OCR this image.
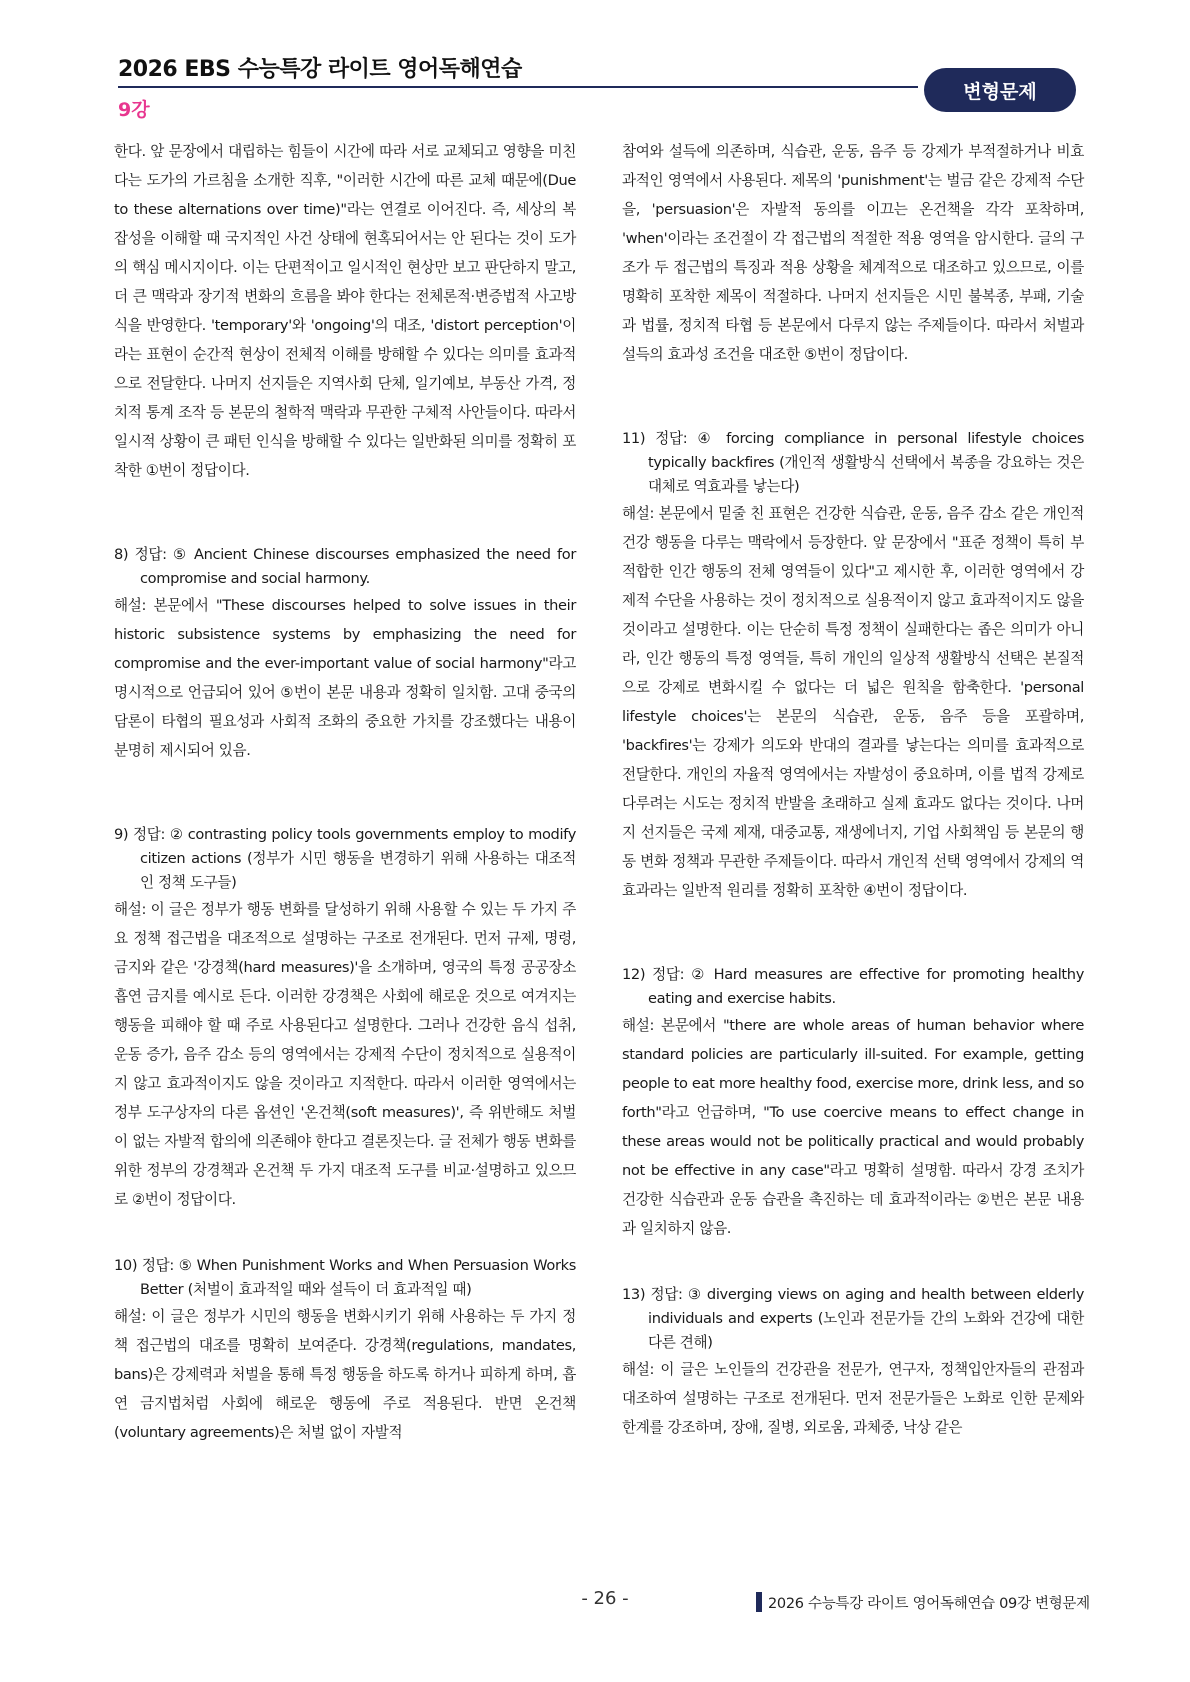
2026 EBS 수능특강 라이트 영어독해연습
9강
변형문제

한다. 앞 문장에서 대립하는 힘들이 시간에 따라 서로 교체되고 영향을 미친다는 도가의 가르침을 소개한 직후, "이러한 시간에 따른 교체 때문에(Due to these alternations over time)"라는 연결로 이어진다. 즉, 세상의 복잡성을 이해할 때 국지적인 사건 상태에 현혹되어서는 안 된다는 것이 도가의 핵심 메시지이다. 이는 단편적이고 일시적인 현상만 보고 판단하지 말고, 더 큰 맥락과 장기적 변화의 흐름을 봐야 한다는 전체론적·변증법적 사고방식을 반영한다. 'temporary'와 'ongoing'의 대조, 'distort perception'이라는 표현이 순간적 현상이 전체적 이해를 방해할 수 있다는 의미를 효과적으로 전달한다. 나머지 선지들은 지역사회 단체, 일기예보, 부동산 가격, 정치적 통계 조작 등 본문의 철학적 맥락과 무관한 구체적 사안들이다. 따라서 일시적 상황이 큰 패턴 인식을 방해할 수 있다는 일반화된 의미를 정확히 포착한 ①번이 정답이다.

8) 정답: ⑤ Ancient Chinese discourses emphasized the need for compromise and social harmony.

해설: 본문에서 "These discourses helped to solve issues in their historic subsistence systems by emphasizing the need for compromise and the ever-important value of social harmony"라고 명시적으로 언급되어 있어 ⑤번이 본문 내용과 정확히 일치함. 고대 중국의 담론이 타협의 필요성과 사회적 조화의 중요한 가치를 강조했다는 내용이 분명히 제시되어 있음.

9) 정답: ② contrasting policy tools governments employ to modify citizen actions (정부가 시민 행동을 변경하기 위해 사용하는 대조적인 정책 도구들)

해설: 이 글은 정부가 행동 변화를 달성하기 위해 사용할 수 있는 두 가지 주요 정책 접근법을 대조적으로 설명하는 구조로 전개된다. 먼저 규제, 명령, 금지와 같은 '강경책(hard measures)'을 소개하며, 영국의 특정 공공장소 흡연 금지를 예시로 든다. 이러한 강경책은 사회에 해로운 것으로 여겨지는 행동을 피해야 할 때 주로 사용된다고 설명한다. 그러나 건강한 음식 섭취, 운동 증가, 음주 감소 등의 영역에서는 강제적 수단이 정치적으로 실용적이지 않고 효과적이지도 않을 것이라고 지적한다. 따라서 이러한 영역에서는 정부 도구상자의 다른 옵션인 '온건책(soft measures)', 즉 위반해도 처벌이 없는 자발적 합의에 의존해야 한다고 결론짓는다. 글 전체가 행동 변화를 위한 정부의 강경책과 온건책 두 가지 대조적 도구를 비교·설명하고 있으므로 ②번이 정답이다.

10) 정답: ⑤ When Punishment Works and When Persuasion Works Better (처벌이 효과적일 때와 설득이 더 효과적일 때)

해설: 이 글은 정부가 시민의 행동을 변화시키기 위해 사용하는 두 가지 정책 접근법의 대조를 명확히 보여준다. 강경책(regulations, mandates, bans)은 강제력과 처벌을 통해 특정 행동을 하도록 하거나 피하게 하며, 흡연 금지법처럼 사회에 해로운 행동에 주로 적용된다. 반면 온건책(voluntary agreements)은 처벌 없이 자발적

참여와 설득에 의존하며, 식습관, 운동, 음주 등 강제가 부적절하거나 비효과적인 영역에서 사용된다. 제목의 'punishment'는 벌금 같은 강제적 수단을, 'persuasion'은 자발적 동의를 이끄는 온건책을 각각 포착하며, 'when'이라는 조건절이 각 접근법의 적절한 적용 영역을 암시한다. 글의 구조가 두 접근법의 특징과 적용 상황을 체계적으로 대조하고 있으므로, 이를 명확히 포착한 제목이 적절하다. 나머지 선지들은 시민 불복종, 부패, 기술과 법률, 정치적 타협 등 본문에서 다루지 않는 주제들이다. 따라서 처벌과 설득의 효과성 조건을 대조한 ⑤번이 정답이다.

11) 정답: ④ forcing compliance in personal lifestyle choices typically backfires (개인적 생활방식 선택에서 복종을 강요하는 것은 대체로 역효과를 낳는다)

해설: 본문에서 밑줄 친 표현은 건강한 식습관, 운동, 음주 감소 같은 개인적 건강 행동을 다루는 맥락에서 등장한다. 앞 문장에서 "표준 정책이 특히 부적합한 인간 행동의 전체 영역들이 있다"고 제시한 후, 이러한 영역에서 강제적 수단을 사용하는 것이 정치적으로 실용적이지 않고 효과적이지도 않을 것이라고 설명한다. 이는 단순히 특정 정책이 실패한다는 좁은 의미가 아니라, 인간 행동의 특정 영역들, 특히 개인의 일상적 생활방식 선택은 본질적으로 강제로 변화시킬 수 없다는 더 넓은 원칙을 함축한다. 'personal lifestyle choices'는 본문의 식습관, 운동, 음주 등을 포괄하며, 'backfires'는 강제가 의도와 반대의 결과를 낳는다는 의미를 효과적으로 전달한다. 개인의 자율적 영역에서는 자발성이 중요하며, 이를 법적 강제로 다루려는 시도는 정치적 반발을 초래하고 실제 효과도 없다는 것이다. 나머지 선지들은 국제 제재, 대중교통, 재생에너지, 기업 사회책임 등 본문의 행동 변화 정책과 무관한 주제들이다. 따라서 개인적 선택 영역에서 강제의 역효과라는 일반적 원리를 정확히 포착한 ④번이 정답이다.

12) 정답: ② Hard measures are effective for promoting healthy eating and exercise habits.

해설: 본문에서 "there are whole areas of human behavior where standard policies are particularly ill-suited. For example, getting people to eat more healthy food, exercise more, drink less, and so forth"라고 언급하며, "To use coercive means to effect change in these areas would not be politically practical and would probably not be effective in any case"라고 명확히 설명함. 따라서 강경 조치가 건강한 식습관과 운동 습관을 촉진하는 데 효과적이라는 ②번은 본문 내용과 일치하지 않음.

13) 정답: ③ diverging views on aging and health between elderly individuals and experts (노인과 전문가들 간의 노화와 건강에 대한 다른 견해)

해설: 이 글은 노인들의 건강관을 전문가, 연구자, 정책입안자들의 관점과 대조하여 설명하는 구조로 전개된다. 먼저 전문가들은 노화로 인한 문제와 한계를 강조하며, 장애, 질병, 외로움, 과체중, 낙상 같은

- 26 -	2026 수능특강 라이트 영어독해연습 09강 변형문제
